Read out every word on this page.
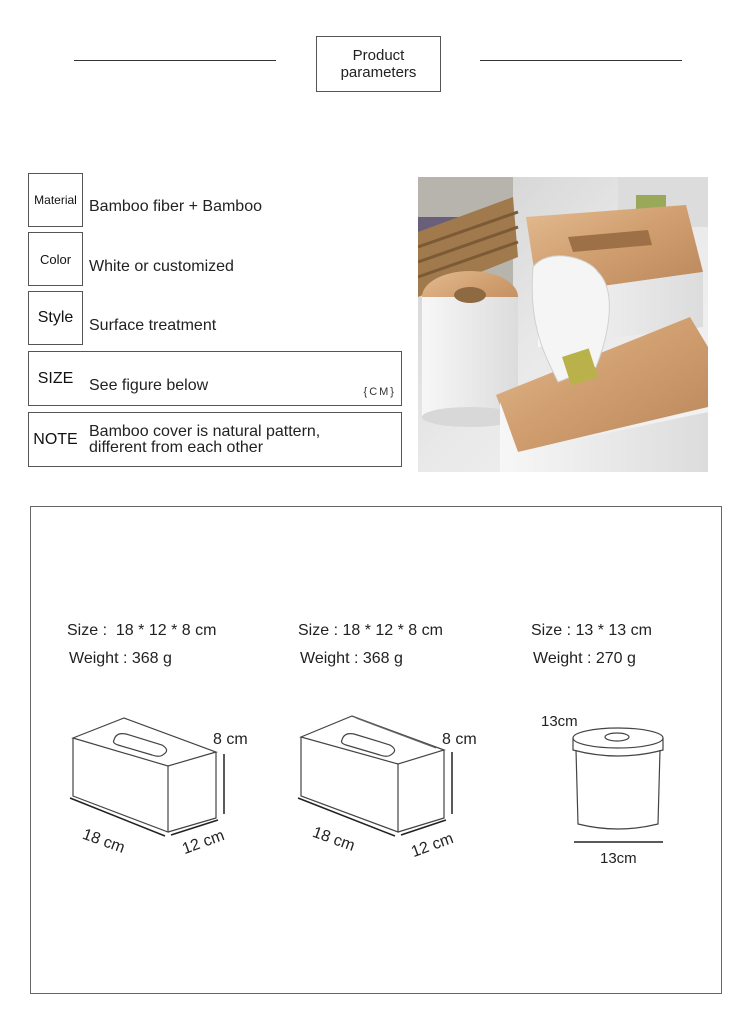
Product
parameters
Material Bamboo fiber + Bamboo
Color	White or customized
Style Surface treatment
SIZE See figure below	{CM}
NOTE Bamboo cover is natural pattern,
different from each other
Size :  18 * 12 * 8 cm
Weight : 368 g
8 cm
18 cm	12 cm
Size : 18 * 12 * 8 cm
Weight : 368 g
8 cm
18 cm	12 cm
Size : 13 * 13 cm
Weight : 270 g
13cm
13cm
